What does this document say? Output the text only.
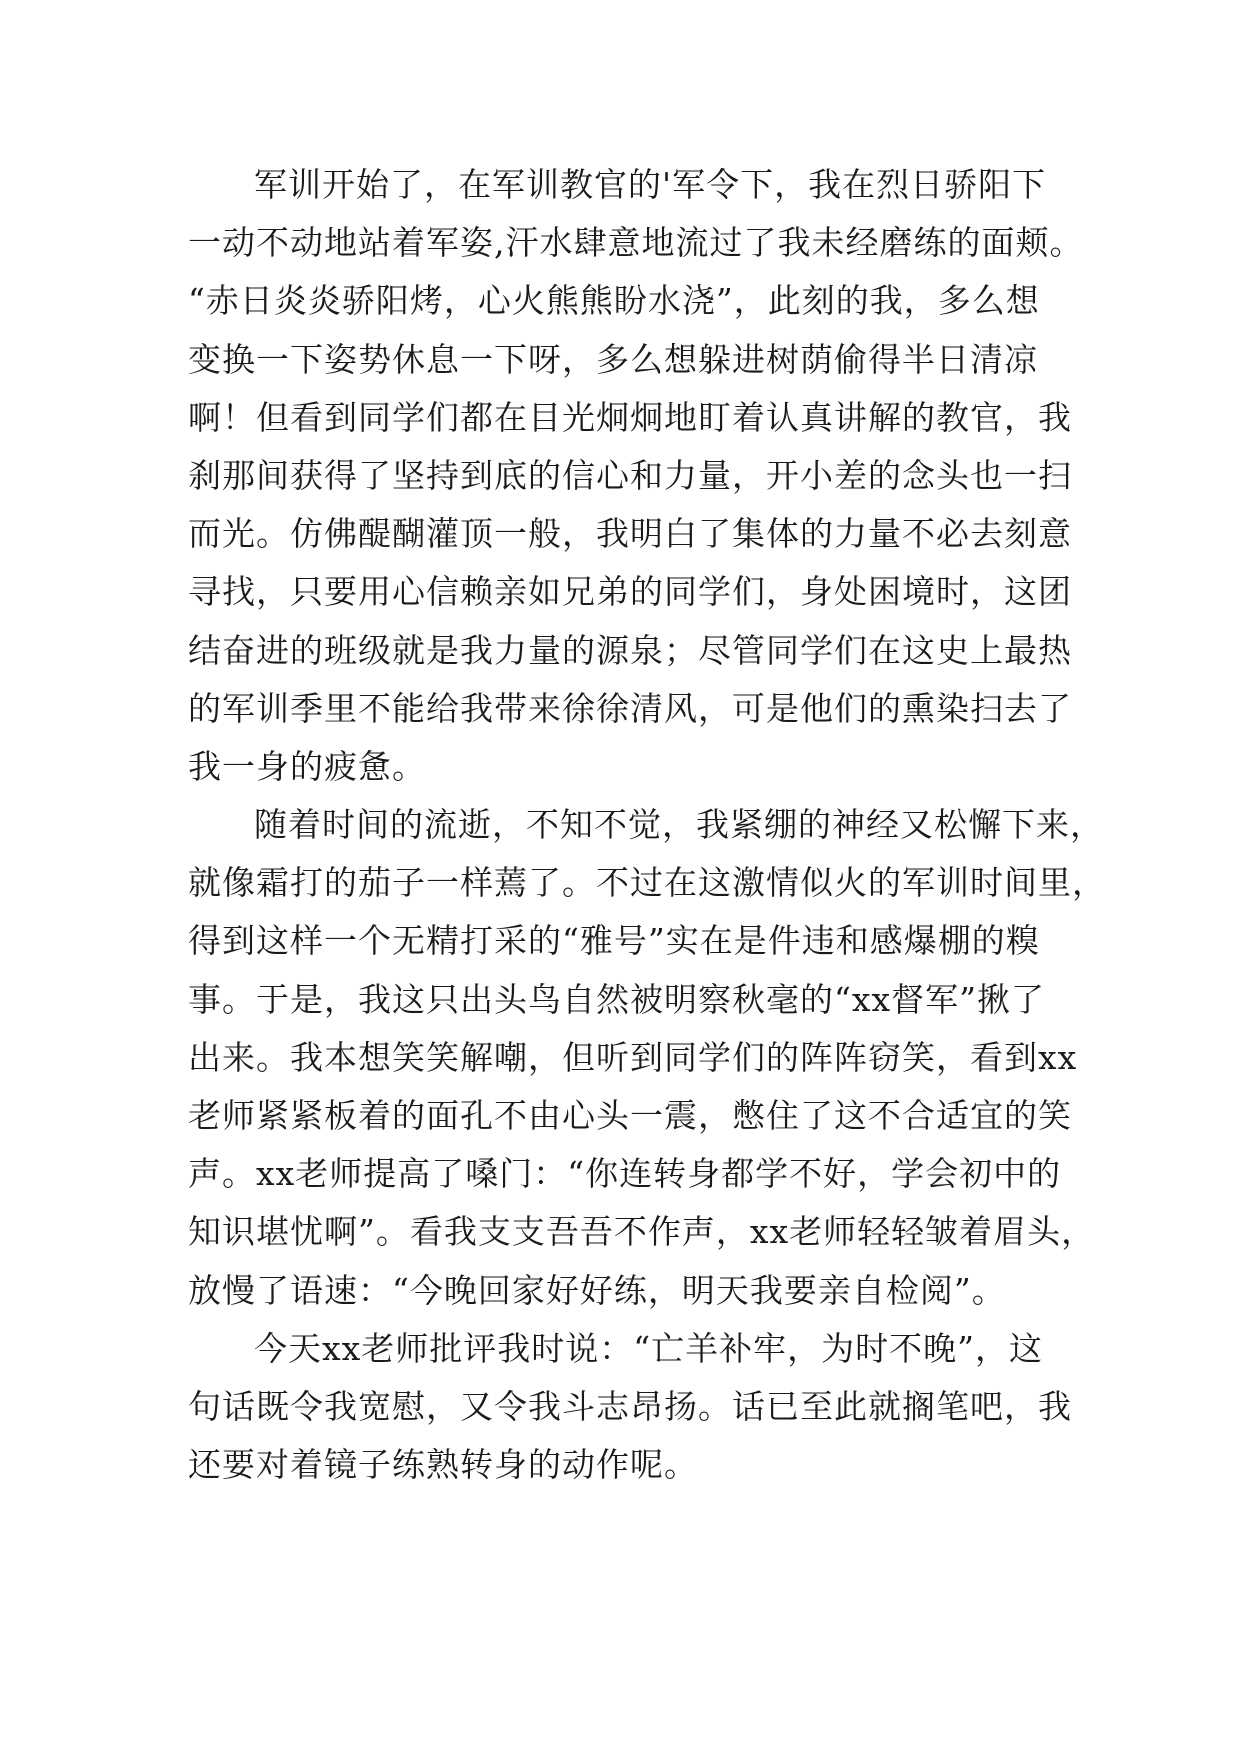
军训开始了，在军训教官的'军令下，我在烈日骄阳下
一动不动地站着军姿,汗水肆意地流过了我未经磨练的面颊。
“赤日炎炎骄阳烤，心火熊熊盼水浇”，此刻的我，多么想
变换一下姿势休息一下呀，多么想躲进树荫偷得半日清凉
啊！但看到同学们都在目光炯炯地盯着认真讲解的教官，我
刹那间获得了坚持到底的信心和力量，开小差的念头也一扫
而光。仿佛醍醐灌顶一般，我明白了集体的力量不必去刻意
寻找，只要用心信赖亲如兄弟的同学们，身处困境时，这团
结奋进的班级就是我力量的源泉；尽管同学们在这史上最热
的军训季里不能给我带来徐徐清风，可是他们的熏染扫去了
我一身的疲惫。
随着时间的流逝，不知不觉，我紧绷的神经又松懈下来，
就像霜打的茄子一样蔫了。不过在这激情似火的军训时间里，
得到这样一个无精打采的“雅号”实在是件违和感爆棚的糗
事。于是，我这只出头鸟自然被明察秋毫的“xx督军”揪了
出来。我本想笑笑解嘲，但听到同学们的阵阵窃笑，看到xx
老师紧紧板着的面孔不由心头一震，憋住了这不合适宜的笑
声。xx老师提高了嗓门：“你连转身都学不好，学会初中的
知识堪忧啊”。看我支支吾吾不作声，xx老师轻轻皱着眉头，
放慢了语速：“今晚回家好好练，明天我要亲自检阅”。
今天xx老师批评我时说：“亡羊补牢，为时不晚”，这
句话既令我宽慰，又令我斗志昂扬。话已至此就搁笔吧，我
还要对着镜子练熟转身的动作呢。
